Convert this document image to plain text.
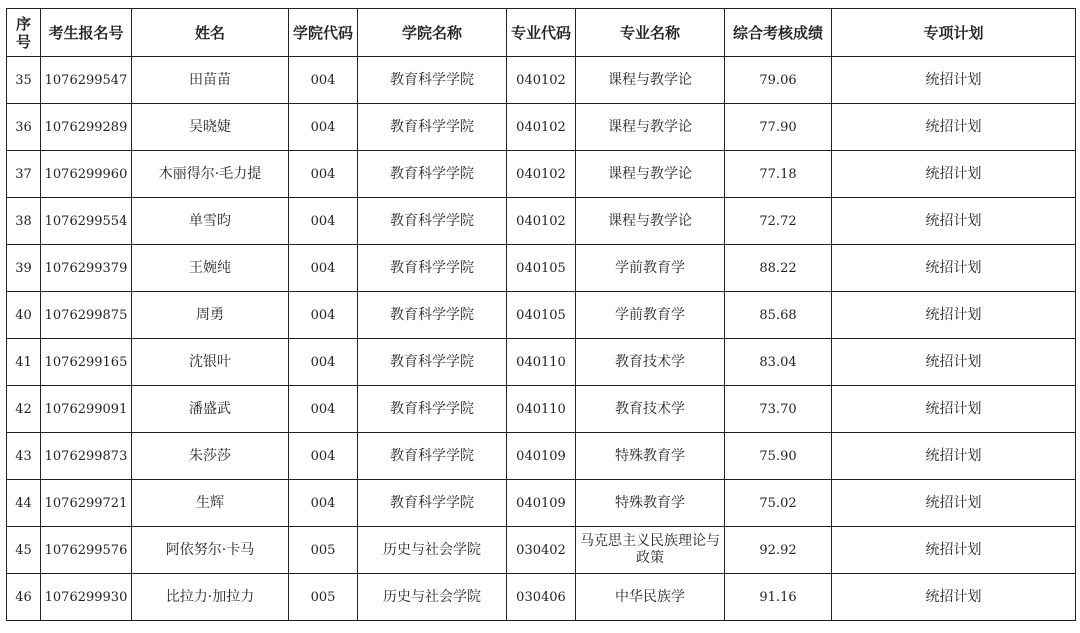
序号	考生报名号	姓名	学院代码	学院名称	专业代码	专业名称	综合考核成绩	专项计划
35	1076299547	田苗苗	004	教育科学学院	040102	课程与教学论	79.06	统招计划
36	1076299289	吴晓婕	004	教育科学学院	040102	课程与教学论	77.90	统招计划
37	1076299960	木丽得尔·毛力提	004	教育科学学院	040102	课程与教学论	77.18	统招计划
38	1076299554	单雪昀	004	教育科学学院	040102	课程与教学论	72.72	统招计划
39	1076299379	王婉纯	004	教育科学学院	040105	学前教育学	88.22	统招计划
40	1076299875	周勇	004	教育科学学院	040105	学前教育学	85.68	统招计划
41	1076299165	沈银叶	004	教育科学学院	040110	教育技术学	83.04	统招计划
42	1076299091	潘盛武	004	教育科学学院	040110	教育技术学	73.70	统招计划
43	1076299873	朱莎莎	004	教育科学学院	040109	特殊教育学	75.90	统招计划
44	1076299721	生辉	004	教育科学学院	040109	特殊教育学	75.02	统招计划
45	1076299576	阿依努尔·卡马	005	历史与社会学院	030402	马克思主义民族理论与政策	92.92	统招计划
46	1076299930	比拉力·加拉力	005	历史与社会学院	030406	中华民族学	91.16	统招计划
